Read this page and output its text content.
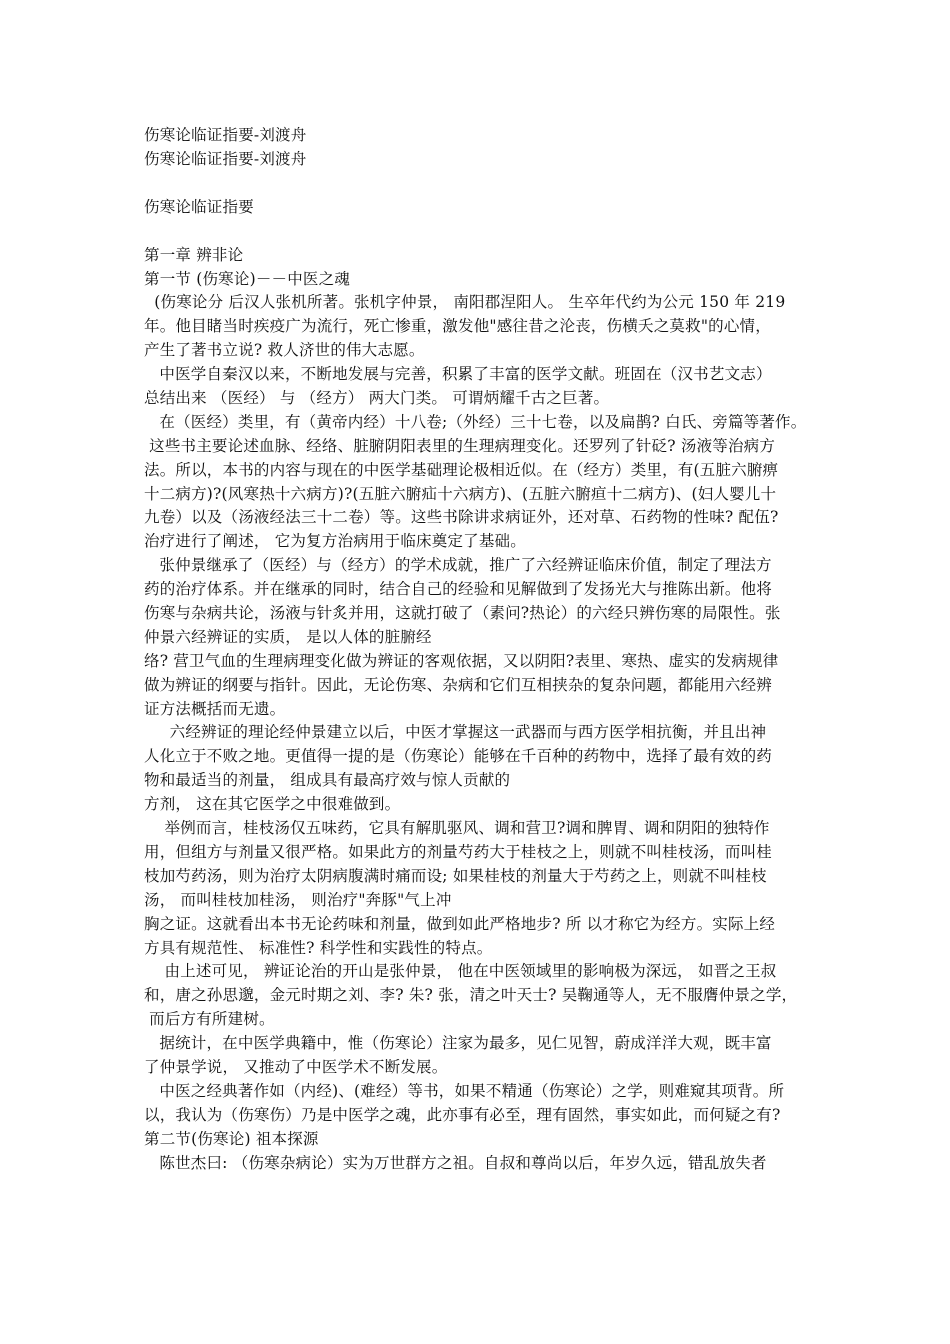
伤寒论临证指要-刘渡舟
伤寒论临证指要-刘渡舟
伤寒论临证指要
第一章 辨非论
第一节 (伤寒论)－－中医之魂
(伤寒论分 后汉人张机所著。张机字仲景， 南阳郡涅阳人。 生卒年代约为公元 150 年 219
年。他目睹当时疾疫广为流行，死亡惨重，激发他"感往昔之沦丧，伤横夭之莫救"的心情，
产生了著书立说? 救人济世的伟大志愿。
中医学自秦汉以来，不断地发展与完善，积累了丰富的医学文献。班固在（汉书艺文志）
总结出来 （医经） 与 （经方） 两大门类。 可谓炳耀千古之巨著。
在（医经）类里，有（黄帝内经）十八卷;（外经）三十七卷，以及扁鹊? 白氏、旁篇等著作。
这些书主要论述血脉、经络、脏腑阴阳表里的生理病理变化。还罗列了针砭? 汤液等治病方
法。所以，本书的内容与现在的中医学基础理论极相近似。在（经方）类里，有(五脏六腑痹
十二病方)?(风寒热十六病方)?(五脏六腑疝十六病方)、(五脏六腑疸十二病方)、(妇人婴儿十
九卷）以及（汤液经法三十二卷）等。这些书除讲求病证外，还对草、石药物的性味? 配伍?
治疗进行了阐述， 它为复方治病用于临床奠定了基础。
张仲景继承了（医经）与（经方）的学术成就，推广了六经辨证临床价值，制定了理法方
药的治疗体系。并在继承的同时，结合自己的经验和见解做到了发扬光大与推陈出新。他将
伤寒与杂病共论，汤液与针炙并用，这就打破了（素问?热论）的六经只辨伤寒的局限性。张
仲景六经辨证的实质， 是以人体的脏腑经
络? 营卫气血的生理病理变化做为辨证的客观依据，又以阴阳?表里、寒热、虚实的发病规律
做为辨证的纲要与指针。因此，无论伤寒、杂病和它们互相挟杂的复杂问题，都能用六经辨
证方法概括而无遗。
六经辨证的理论经仲景建立以后，中医才掌握这一武器而与西方医学相抗衡，并且出神
人化立于不败之地。更值得一提的是（伤寒论）能够在千百种的药物中，选择了最有效的药
物和最适当的剂量， 组成具有最高疗效与惊人贡献的
方剂， 这在其它医学之中很难做到。
举例而言，桂枝汤仅五味药，它具有解肌驱风、调和营卫?调和脾胃、调和阴阳的独特作
用，但组方与剂量又很严格。如果此方的剂量芍药大于桂枝之上，则就不叫桂枝汤，而叫桂
枝加芍药汤，则为治疗太阴病腹满时痛而设; 如果桂枝的剂量大于芍药之上，则就不叫桂枝
汤， 而叫桂枝加桂汤， 则治疗"奔豚"气上冲
胸之证。这就看出本书无论药味和剂量，做到如此严格地步? 所 以才称它为经方。实际上经
方具有规范性、 标准性? 科学性和实践性的特点。
由上述可见， 辨证论治的开山是张仲景， 他在中医领域里的影响极为深远， 如晋之王叔
和，唐之孙思邈，金元时期之刘、李? 朱? 张，清之叶天士? 吴鞠通等人，无不服膺仲景之学，
而后方有所建树。
据统计，在中医学典籍中，惟（伤寒论）注家为最多，见仁见智，蔚成洋洋大观，既丰富
了仲景学说， 又推动了中医学术不断发展。
中医之经典著作如（内经)、(难经）等书，如果不精通（伤寒论）之学，则难窥其项背。所
以，我认为（伤寒伤）乃是中医学之魂，此亦事有必至，理有固然，事实如此，而何疑之有?
第二节(伤寒论) 祖本探源
陈世杰曰: （伤寒杂病论）实为万世群方之祖。自叔和尊尚以后，年岁久远，错乱放失者
